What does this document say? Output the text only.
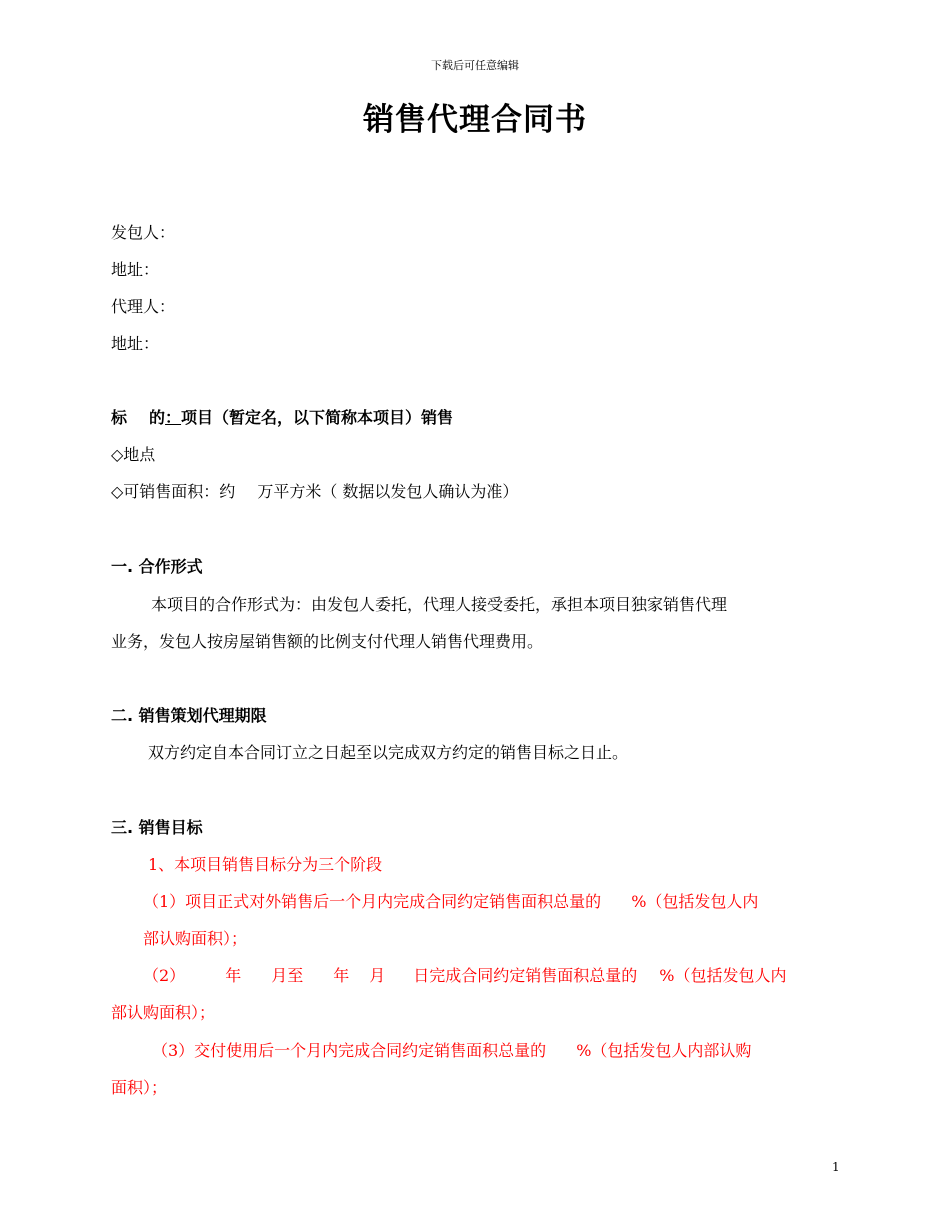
下载后可任意编辑
销售代理合同书
发包人：
地址：
代理人：
地址：
标 的：项目（暂定名，以下简称本项目）销售
◇地点
◇可销售面积：约 万平方米（ 数据以发包人确认为准）
一. 合作形式
本项目的合作形式为：由发包人委托，代理人接受委托，承担本项目独家销售代理
业务，发包人按房屋销售额的比例支付代理人销售代理费用。
二. 销售策划代理期限
双方约定自本合同订立之日起至以完成双方约定的销售目标之日止。
三. 销售目标
1、本项目销售目标分为三个阶段
（1）项目正式对外销售后一个月内完成合同约定销售面积总量的 %（包括发包人内
部认购面积）；
（2）	年 月至 年 月 日完成合同约定销售面积总量的 %（包括发包人内
部认购面积）；
（3）交付使用后一个月内完成合同约定销售面积总量的 %（包括发包人内部认购
面积）；
1
